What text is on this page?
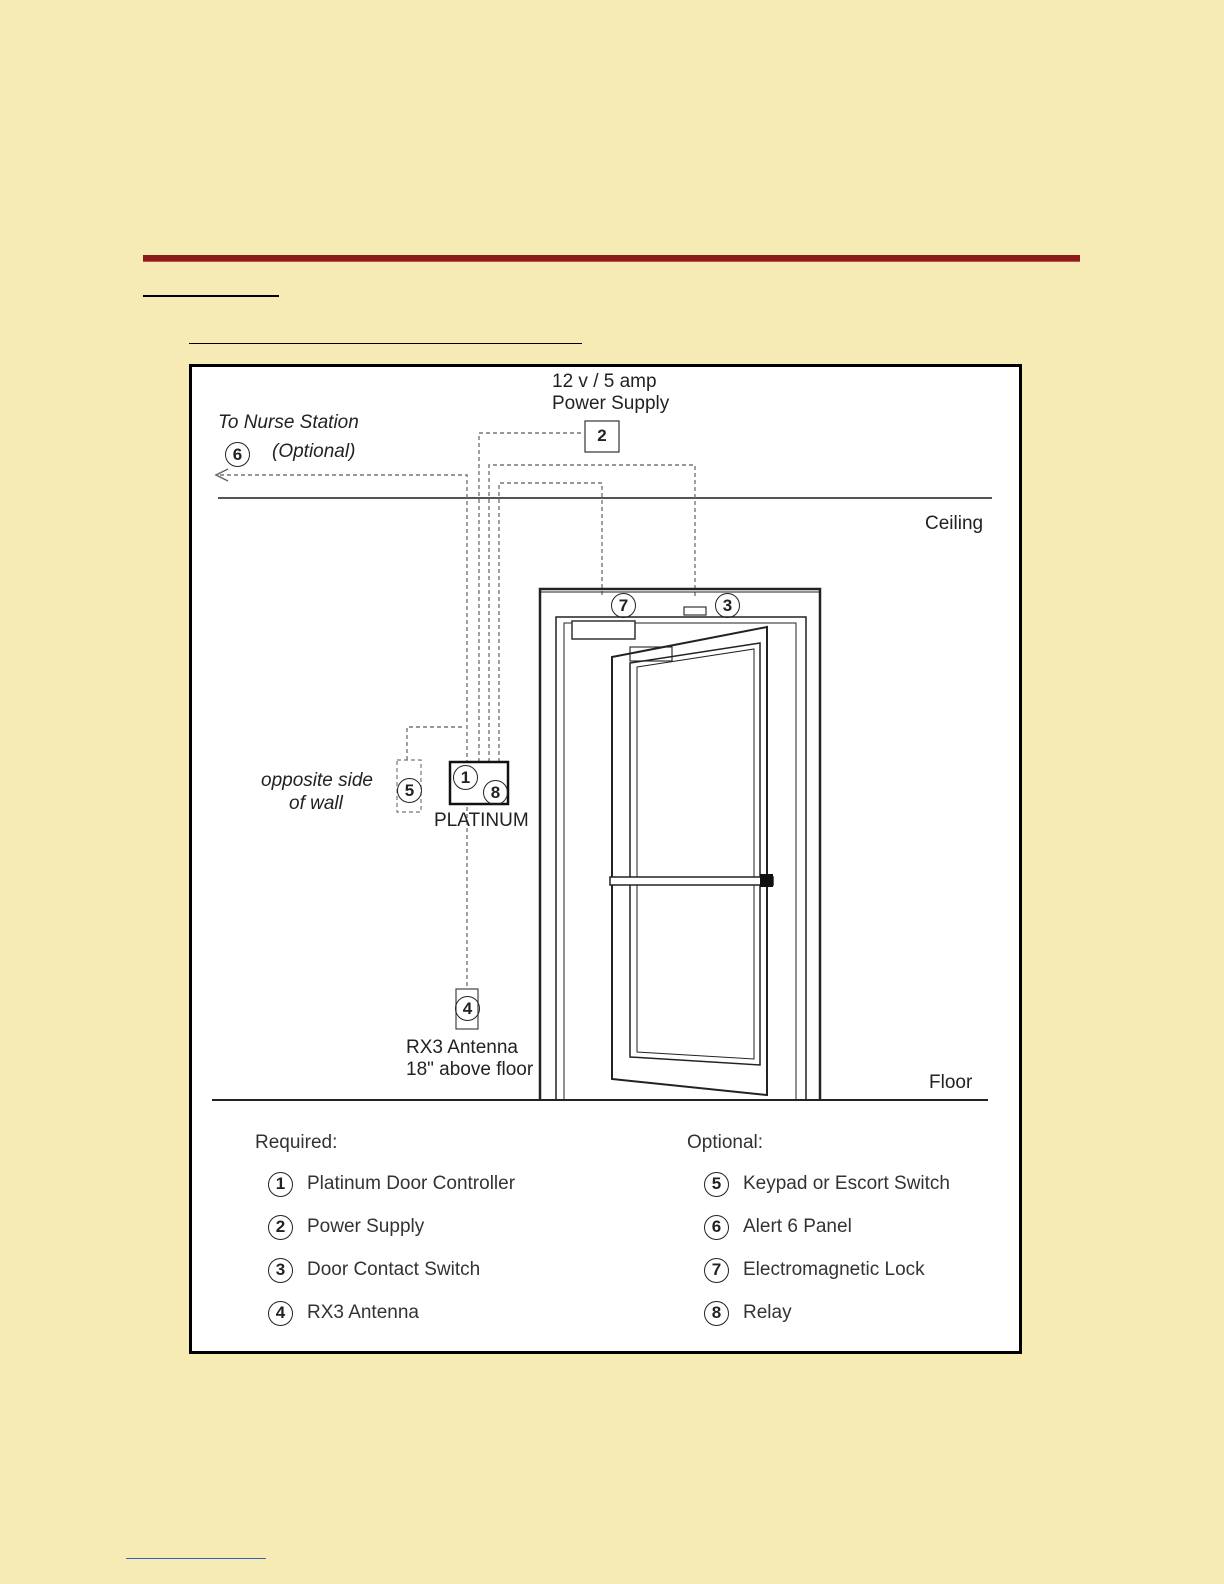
12 v / 5 amp
Power Supply
To Nurse Station
(Optional)
Ceiling
opposite side
of wall
PLATINUM
RX3 Antenna
18" above floor
Floor
6
2
7	3
1
8
5
4
Required:	Optional:
1	Platinum Door Controller
2	Power Supply
3	Door Contact Switch
4	RX3 Antenna
5	Keypad or Escort Switch
6	Alert 6 Panel
7	Electromagnetic Lock
8	Relay
